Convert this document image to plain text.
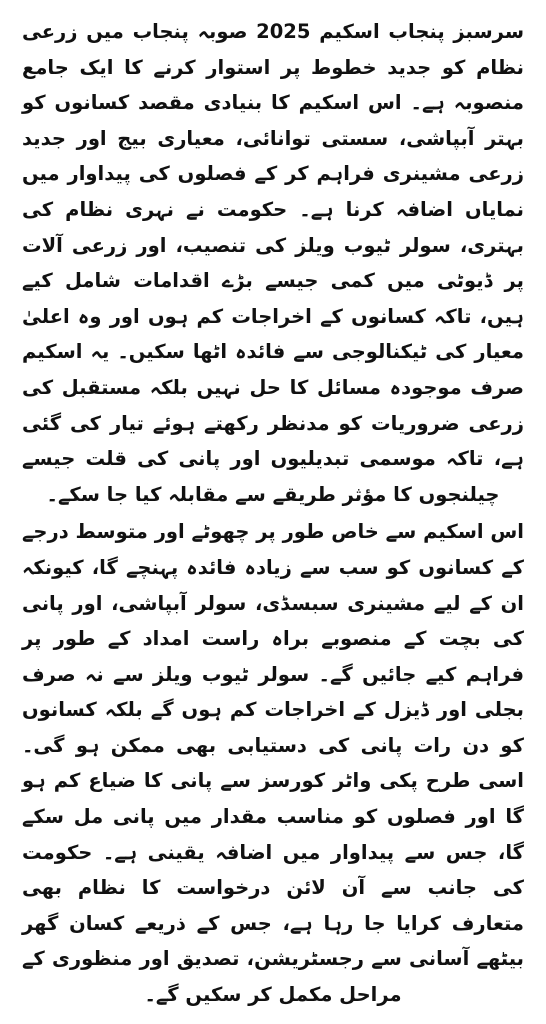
سرسبز پنجاب اسکیم 2025 صوبہ پنجاب میں زرعی نظام کو جدید خطوط پر استوار کرنے کا ایک جامع منصوبہ ہے۔ اس اسکیم کا بنیادی مقصد کسانوں کو بہتر آبپاشی، سستی توانائی، معیاری بیج اور جدید زرعی مشینری فراہم کر کے فصلوں کی پیداوار میں نمایاں اضافہ کرنا ہے۔ حکومت نے نہری نظام کی بہتری، سولر ٹیوب ویلز کی تنصیب، اور زرعی آلات پر ڈیوٹی میں کمی جیسے بڑے اقدامات شامل کیے ہیں، تاکہ کسانوں کے اخراجات کم ہوں اور وہ اعلیٰ معیار کی ٹیکنالوجی سے فائدہ اٹھا سکیں۔ یہ اسکیم صرف موجودہ مسائل کا حل نہیں بلکہ مستقبل کی زرعی ضروریات کو مدنظر رکھتے ہوئے تیار کی گئی ہے، تاکہ موسمی تبدیلیوں اور پانی کی قلت جیسے چیلنجوں کا مؤثر طریقے سے مقابلہ کیا جا سکے۔

اس اسکیم سے خاص طور پر چھوٹے اور متوسط درجے کے کسانوں کو سب سے زیادہ فائدہ پہنچے گا، کیونکہ ان کے لیے مشینری سبسڈی، سولر آبپاشی، اور پانی کی بچت کے منصوبے براہ راست امداد کے طور پر فراہم کیے جائیں گے۔ سولر ٹیوب ویلز سے نہ صرف بجلی اور ڈیزل کے اخراجات کم ہوں گے بلکہ کسانوں کو دن رات پانی کی دستیابی بھی ممکن ہو گی۔ اسی طرح پکی واٹر کورسز سے پانی کا ضیاع کم ہو گا اور فصلوں کو مناسب مقدار میں پانی مل سکے گا، جس سے پیداوار میں اضافہ یقینی ہے۔ حکومت کی جانب سے آن لائن درخواست کا نظام بھی متعارف کرایا جا رہا ہے، جس کے ذریعے کسان گھر بیٹھے آسانی سے رجسٹریشن، تصدیق اور منظوری کے مراحل مکمل کر سکیں گے۔
